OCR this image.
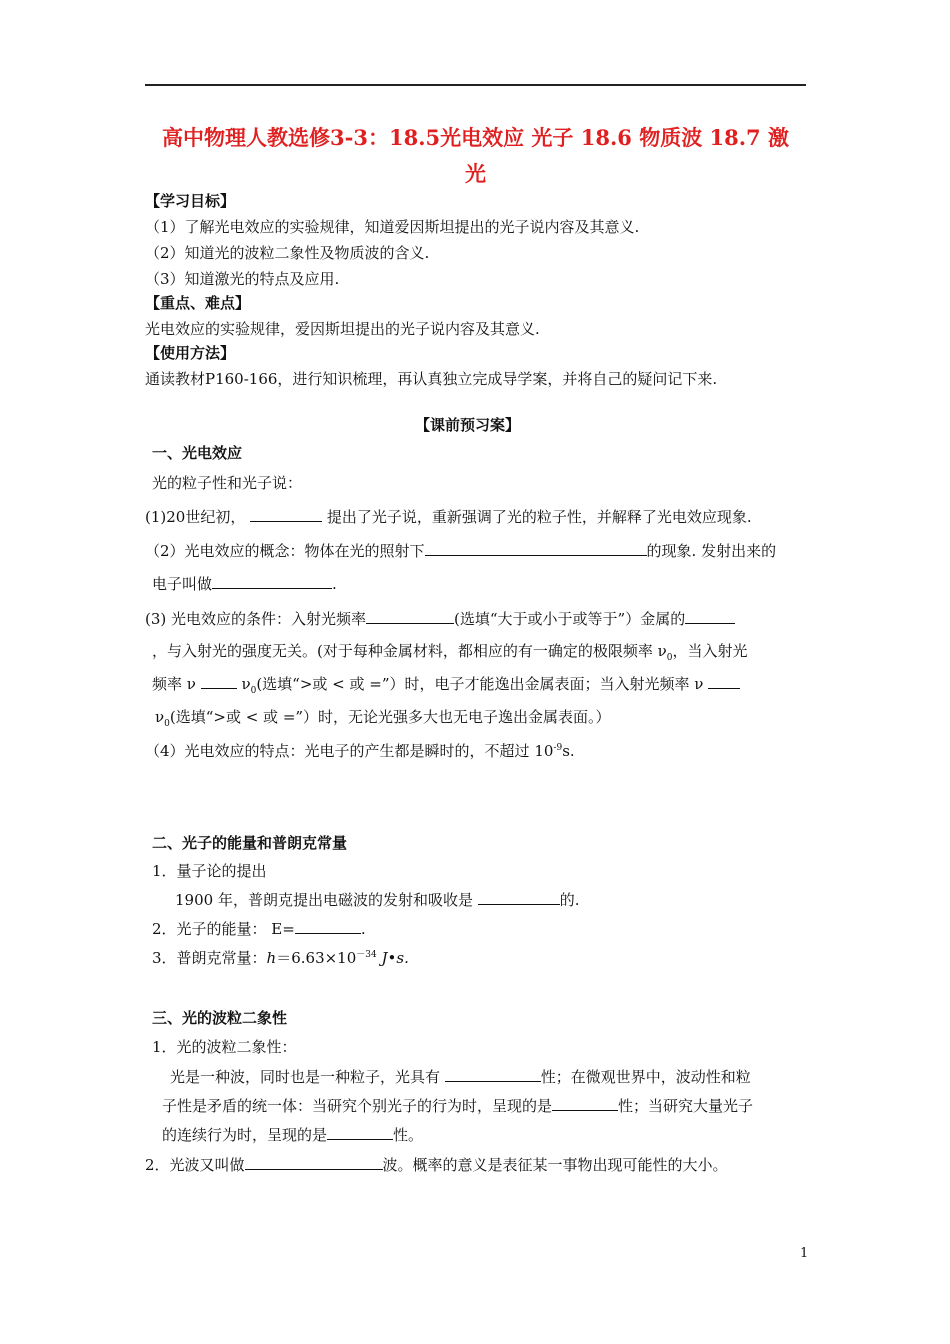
高中物理人教选修3-3：18.5光电效应 光子 18.6 物质波 18.7 激
光
【学习目标】
（1）了解光电效应的实验规律，知道爱因斯坦提出的光子说内容及其意义.
（2）知道光的波粒二象性及物质波的含义.
（3）知道激光的特点及应用.
【重点、难点】
光电效应的实验规律，爱因斯坦提出的光子说内容及其意义.
【使用方法】
通读教材P160-166，进行知识梳理，再认真独立完成导学案，并将自己的疑问记下来.
【课前预习案】
一、光电效应
光的粒子性和光子说：
(1)20世纪初，	提出了光子说，重新强调了光的粒子性，并解释了光电效应现象.
（2）光电效应的概念：物体在光的照射下	的现象. 发射出来的
电子叫做	.
(3) 光电效应的条件：入射光频率	(选填“大于或小于或等于”）金属的
，与入射光的强度无关。(对于每种金属材料，都相应的有一确定的极限频率 $\nu_0$，当入射光
频率 ν	$\nu_0$(选填“>或 < 或 =”）时，电子才能逸出金属表面；当入射光频率 ν
$\nu_0$(选填“>或 < 或 =”）时，无论光强多大也无电子逸出金属表面。）
（4）光电效应的特点：光电子的产生都是瞬时的，不超过 $10^{-9}s$.
二、光子的能量和普朗克常量
1．量子论的提出
1900 年，普朗克提出电磁波的发射和吸收是	的.
2．光子的能量： E=	.
3．普朗克常量：$h=6.63\times 10^{-34}$ J•s.
三、光的波粒二象性
1．光的波粒二象性：
光是一种波，同时也是一种粒子，光具有	性；在微观世界中，波动性和粒
子性是矛盾的统一体：当研究个别光子的行为时，呈现的是	性；当研究大量光子
的连续行为时，呈现的是	性。
2．光波又叫做	波。概率的意义是表征某一事物出现可能性的大小。
1
